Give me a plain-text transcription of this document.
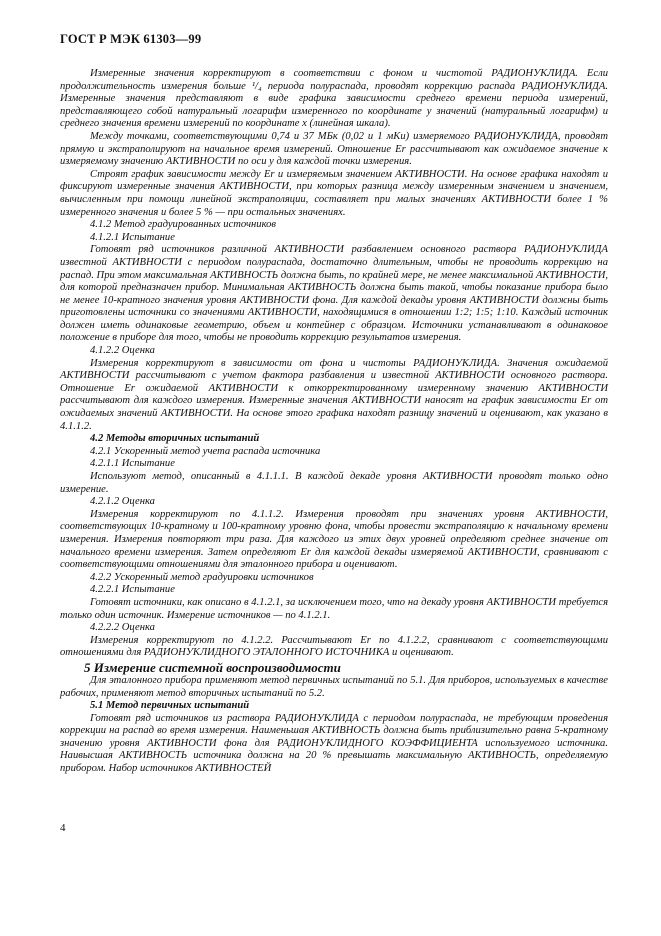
ГОСТ Р МЭК 61303—99

Измеренные значения корректируют в соответствии с фоном и чистотой РАДИОНУКЛИДА. Если продолжительность измерения больше ¹/₄ периода полураспада, проводят коррекцию распада РАДИОНУКЛИДА. Измеренные значения представляют в виде графика зависимости среднего времени периода измерений, представляющего собой натуральный логарифм измеренного по координате y значений (натуральный логарифм) и среднего значения времени измерений по координате x (линейная шкала).

Между точками, соответствующими 0,74 и 37 МБк (0,02 и 1 мКи) измеряемого РАДИОНУКЛИДА, проводят прямую и экстраполируют на начальное время измерений. Отношение Er рассчитывают как ожидаемое значение к измеряемому значению АКТИВНОСТИ по оси y для каждой точки измерения.

Строят график зависимости между Er и измеряемым значением АКТИВНОСТИ. На основе графика находят и фиксируют измеренные значения АКТИВНОСТИ, при которых разница между измеренным значением и значением, вычисленным при помощи линейной экстраполяции, составляет при малых значениях АКТИВНОСТИ более 1 % измеренного значения и более 5 % — при остальных значениях.

4.1.2 Метод градуированных источников

4.1.2.1 Испытание

Готовят ряд источников различной АКТИВНОСТИ разбавлением основного раствора РАДИОНУКЛИДА известной АКТИВНОСТИ с периодом полураспада, достаточно длительным, чтобы не проводить коррекцию на распад. При этом максимальная АКТИВНОСТЬ должна быть, по крайней мере, не менее максимальной АКТИВНОСТИ, для которой предназначен прибор. Минимальная АКТИВНОСТЬ должна быть такой, чтобы показание прибора было не менее 10-кратного значения уровня АКТИВНОСТИ фона. Для каждой декады уровня АКТИВНОСТИ должны быть приготовлены источники со значениями АКТИВНОСТИ, находящимися в отношении 1:2; 1:5; 1:10. Каждый источник должен иметь одинаковые геометрию, объем и контейнер с образцом. Источники устанавливают в одинаковое положение в приборе для того, чтобы не проводить коррекцию результатов измерения.

4.1.2.2 Оценка

Измерения корректируют в зависимости от фона и чистоты РАДИОНУКЛИДА. Значения ожидаемой АКТИВНОСТИ рассчитывают с учетом фактора разбавления и известной АКТИВНОСТИ основного раствора. Отношение Er ожидаемой АКТИВНОСТИ к откорректированному измеренному значению АКТИВНОСТИ рассчитывают для каждого измерения. Измеренные значения АКТИВНОСТИ наносят на график зависимости Er от ожидаемых значений АКТИВНОСТИ. На основе этого графика находят разницу значений и оценивают, как указано в 4.1.1.2.

4.2 Методы вторичных испытаний

4.2.1 Ускоренный метод учета распада источника

4.2.1.1 Испытание

Используют метод, описанный в 4.1.1.1. В каждой декаде уровня АКТИВНОСТИ проводят только одно измерение.

4.2.1.2 Оценка

Измерения корректируют по 4.1.1.2. Измерения проводят при значениях уровня АКТИВНОСТИ, соответствующих 10-кратному и 100-кратному уровню фона, чтобы провести экстраполяцию к начальному времени измерения. Измерения повторяют три раза. Для каждого из этих двух уровней определяют среднее значение от начального времени измерения. Затем определяют Er для каждой декады измеряемой АКТИВНОСТИ, сравнивают с соответствующими отношениями для эталонного прибора и оценивают.

4.2.2 Ускоренный метод градуировки источников

4.2.2.1 Испытание

Готовят источники, как описано в 4.1.2.1, за исключением того, что на декаду уровня АКТИВНОСТИ требуется только один источник. Измерение источников — по 4.1.2.1.

4.2.2.2 Оценка

Измерения корректируют по 4.1.2.2. Рассчитывают Er по 4.1.2.2, сравнивают с соответствующими отношениями для РАДИОНУКЛИДНОГО ЭТАЛОННОГО ИСТОЧНИКА и оценивают.

5 Измерение системной воспроизводимости

Для эталонного прибора применяют метод первичных испытаний по 5.1. Для приборов, используемых в качестве рабочих, применяют метод вторичных испытаний по 5.2.

5.1 Метод первичных испытаний

Готовят ряд источников из раствора РАДИОНУКЛИДА с периодом полураспада, не требующим проведения коррекции на распад во время измерения. Наименьшая АКТИВНОСТЬ должна быть приблизительно равна 5-кратному значению уровня АКТИВНОСТИ фона для РАДИОНУКЛИДНОГО КОЭФФИЦИЕНТА используемого источника. Наивысшая АКТИВНОСТЬ источника должна на 20 % превышать максимальную АКТИВНОСТЬ, определяемую прибором. Набор источников АКТИВНОСТЕЙ

4
